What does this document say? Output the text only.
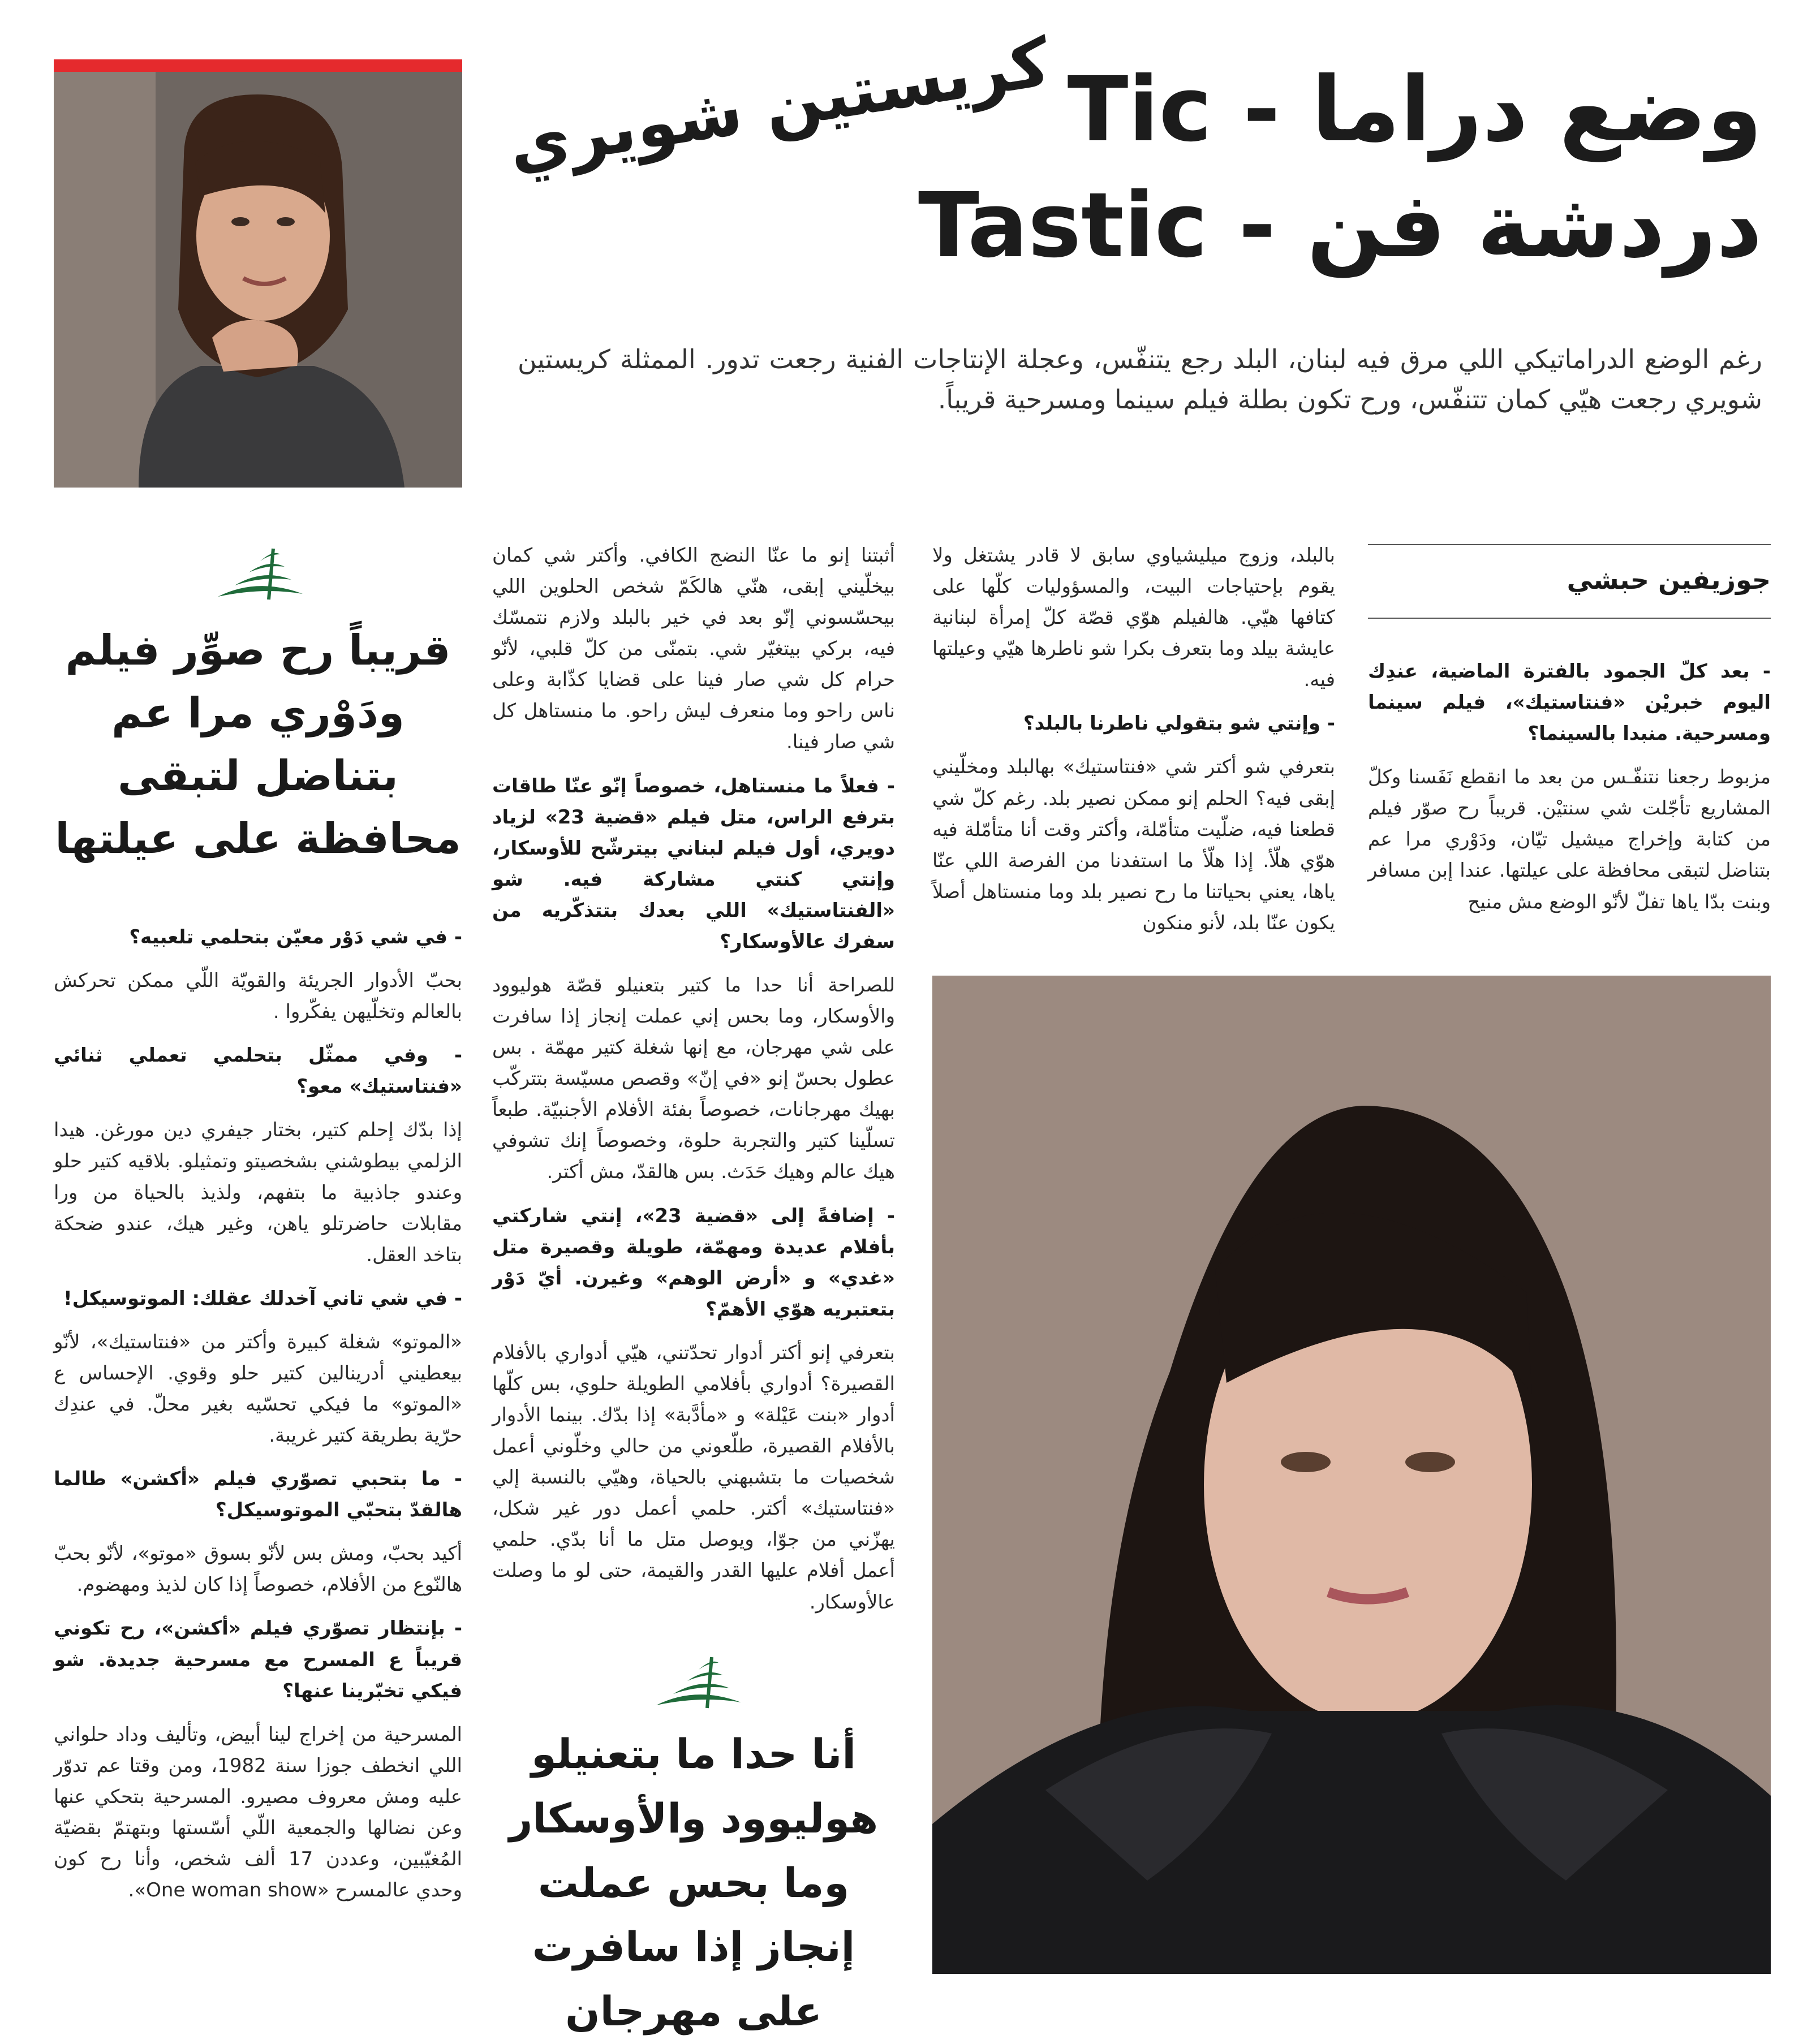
وضع دراما - Tic
دردشة فن - Tastic
كريستين شويري
رغم الوضع الدراماتيكي اللي مرق فيه لبنان، البلد رجع يتنفّس، وعجلة الإنتاجات الفنية رجعت تدور. الممثلة كريستين شويري رجعت هيّي كمان تتنفّس، ورح تكون بطلة فيلم سينما ومسرحية قريباً.
جوزيفين حبشي

- بعد كلّ الجمود بالفترة الماضية، عندِك اليوم خبريْن «فنتاستيك»، فيلم سينما ومسرحية. منبدا بالسينما؟

مزبوط رجعنا نتنفّـس من بعد ما انقطع نَفَسنا وكلّ المشاريع تأجّلت شي سنتيْن. قريباً رح صوّر فيلم من كتابة وإخراج ميشيل تيّان، ودَوْري مرا عم بتناضل لتبقى محافظة على عيلتها. عندا إبن مسافر وبنت بدّا ياها تفلّ لأنّو الوضع مش منيح

بالبلد، وزوج ميليشياوي سابق لا قادر يشتغل ولا يقوم بإحتياجات البيت، والمسؤوليات كلّها على كتافها هيّي. هالفيلم هوّي قصّة كلّ إمرأة لبنانية عايشة بيلد وما بتعرف بكرا شو ناطرها هيّي وعيلتها فيه.

- وإنتي شو بتقولي ناطرنا بالبلد؟

بتعرفي شو أكتر شي «فنتاستيك» بهالبلد ومخلّيني إبقى فيه؟ الحلم إنو ممكن نصير بلد. رغم كلّ شي قطعنا فيه، ضلّيت متأمّلة، وأكتر وقت أنا متأمّلة فيه هوّي هلّأ. إذا هلّأ ما استفدنا من الفرصة اللي عنّا ياها، يعني بحياتنا ما رح نصير بلد وما منستاهل أصلاً يكون عنّا بلد، لأنو منكون

أثبتنا إنو ما عنّا النضج الكافي. وأكتر شي كمان بيخلّيني إبقى، هنّي هالكَمّ شخص الحلوين اللي بيحسّسوني إنّو بعد في خير بالبلد ولازم نتمسّك فيه، بركي بيتغيّر شي. بتمنّى من كلّ قلبي، لأنّو حرام كل شي صار فينا على قضايا كذّابة وعلى ناس راحو وما منعرف ليش راحو. ما منستاهل كل شي صار فينا.

- فعلاً ما منستاهل، خصوصاً إنّو عنّا طاقات بترفع الراس، متل فيلم «قضية 23» لزياد دويري، أول فيلم لبناني بيترشّح للأوسكار، وإنتي كنتي مشاركة فيه. شو «الفنتاستيك» اللي بعدك بتتذكّريه من سفرك عالأوسكار؟

للصراحة أنا حدا ما كتير بتعنيلو قصّة هوليوود والأوسكار، وما بحس إني عملت إنجاز إذا سافرت على شي مهرجان، مع إنها شغلة كتير مهمّة . بس عطول بحسّ إنو «في إنّ» وقصص مسيّسة بتتركّب بهيك مهرجانات، خصوصاً بفئة الأفلام الأجنبيّة. طبعاً تسلّينا كتير والتجربة حلوة، وخصوصاً إنك تشوفي هيك عالم وهيك حَدَث. بس هالقدّ، مش أكتر.

- إضافةً إلى «قضية 23»، إنتي شاركتي بأفلام عديدة ومهمّة، طويلة وقصيرة متل «غدي» و «أرض الوهم» وغيرن. أيّ دَوْر بتعتبريه هوّي الأهمّ؟

بتعرفي إنو أكتر أدوار تحدّتني، هيّي أدواري بالأفلام القصيرة؟ أدواري بأفلامي الطويلة حلوي، بس كلّها أدوار «بنت عَيْلة» و «مأدَّبة» إذا بدّك. بينما الأدوار بالأفلام القصيرة، طلّعوني من حالي وخلّوني أعمل شخصيات ما بتشبهني بالحياة، وهيّي بالنسبة إلي «فنتاستيك» أكتر. حلمي أعمل دور غير شكل، يهزّني من جوّا، ويوصل متل ما أنا بدّي. حلمي أعمل أفلام عليها القدر والقيمة، حتى لو ما وصلت عالأوسكار.

أنا حدا ما بتعنيلو هوليوود والأوسكار وما بحس عملت إنجاز إذا سافرت على مهرجان
قريباً رح صوِّر فيلم ودَوْري مرا عم بتناضل لتبقى محافظة على عيلتها

- في شي دَوْر معيّن بتحلمي تلعبيه؟

بحبّ الأدوار الجريئة والقويّة اللّي ممكن تحركش بالعالم وتخلّيهن يفكّروا .

- وفي ممثّل بتحلمي تعملي ثنائي «فنتاستيك» معو؟

إذا بدّك إحلم كتير، بختار جيفري دين مورغن. هيدا الزلمي بيطوشني بشخصيتو وتمثيلو. بلاقيه كتير حلو وعندو جاذبية ما بتفهم، ولذيذ بالحياة من ورا مقابلات حاضرتلو ياهن، وغير هيك، عندو ضحكة بتاخد العقل.

- في شي تاني آخدلك عقلك: الموتوسيكل!

«الموتو» شغلة كبيرة وأكتر من «فنتاستيك»، لأنّو بيعطيني أدرينالين كتير حلو وقوي. الإحساس ع «الموتو» ما فيكي تحسّيه بغير محلّ. في عندِك حرّية بطريقة كتير غريبة.

- ما بتحبي تصوّري فيلم «أكشن» طالما هالقدّ بتحبّي الموتوسيكل؟

أكيد بحبّ، ومش بس لأنّو بسوق «موتو»، لأنّو بحبّ هالنّوع من الأفلام، خصوصاً إذا كان لذيذ ومهضوم.

- بإنتظار تصوّري فيلم «أكشن»، رح تكوني قريباً ع المسرح مع مسرحية جديدة. شو فيكي تخبّرينا عنها؟

المسرحية من إخراج لينا أبيض، وتأليف وداد حلواني اللي انخطف جوزا سنة 1982، ومن وقتا عم تدوّر عليه ومش معروف مصيرو. المسرحية بتحكي عنها وعن نضالها والجمعية اللّي أسّستها وبتهتمّ بقضيّة المُغيّبين، وعددن 17 ألف شخص، وأنا رح كون وحدي عالمسرح «One woman show».
